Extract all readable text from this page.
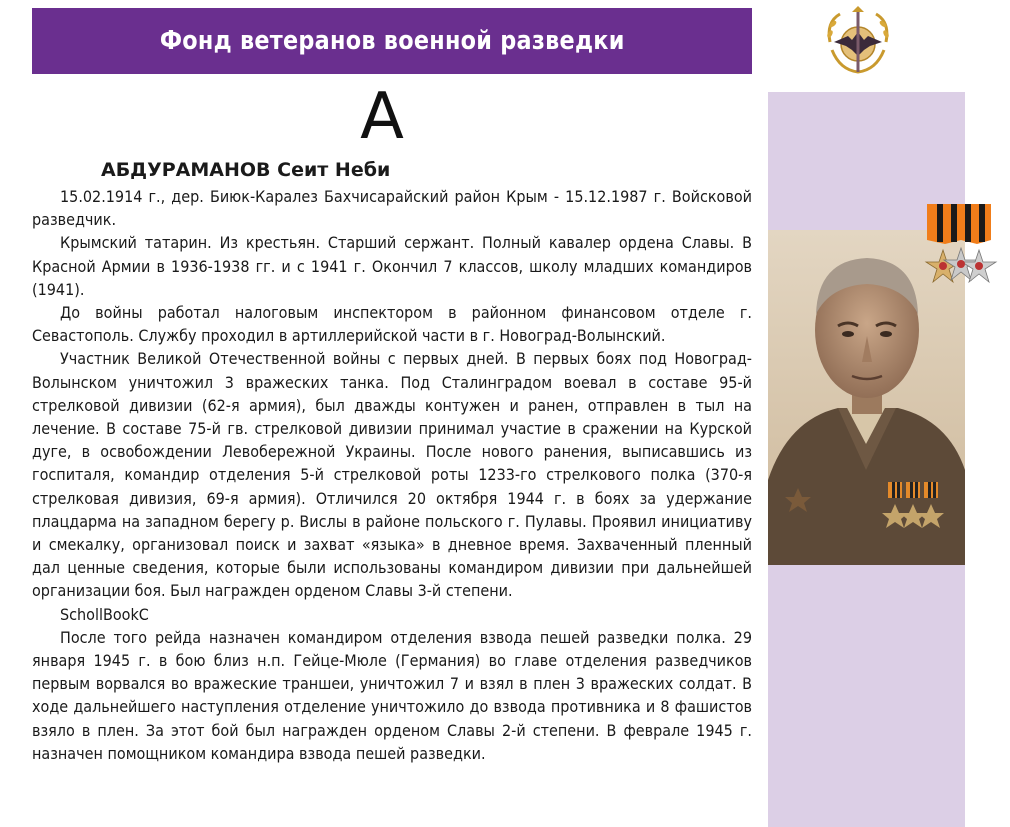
Фонд ветеранов военной разведки
А
АБДУРАМАНОВ Сеит Неби

15.02.1914 г., дер. Биюк-Каралез Бахчисарайский район Крым - 15.12.1987 г. Войсковой разведчик.

Крымский татарин. Из крестьян. Старший сержант. Полный кавалер ордена Славы. В Красной Армии в 1936-1938 гг. и с 1941 г. Окончил 7 классов, школу младших командиров (1941).

До войны работал налоговым инспектором в районном финансовом отделе г. Севастополь. Службу проходил в артиллерийской части в г. Новоград-Волынский.

Участник Великой Отечественной войны с первых дней. В первых боях под Новоград-Волынском уничтожил 3 вражеских танка. Под Сталинградом воевал в составе 95-й стрелковой дивизии (62-я армия), был дважды контужен и ранен, отправлен в тыл на лечение. В составе 75-й гв. стрелковой дивизии принимал участие в сражении на Курской дуге, в освобождении Левобережной Украины. После нового ранения, выписавшись из госпиталя, командир отделения 5-й стрелковой роты 1233-го стрелкового полка (370-я стрелковая дивизия, 69-я армия). Отличился 20 октября 1944 г. в боях за удержание плацдарма на западном берегу р. Вислы в районе польского г. Пулавы. Проявил инициативу и смекалку, организовал поиск и захват «языка» в дневное время. Захваченный пленный дал ценные сведения, которые были использованы командиром дивизии при дальнейшей организации боя. Был награжден орденом Славы 3-й степени.

SchollBookC

После того рейда назначен командиром отделения взвода пешей разведки полка. 29 января 1945 г. в бою близ н.п. Гейце-Мюле (Германия) во главе отделения разведчиков первым ворвался во вражеские траншеи, уничтожил 7 и взял в плен 3 вражеских солдат. В ходе дальнейшего наступления отделение уничтожило до взвода противника и 8 фашистов взяло в плен. За этот бой был награжден орденом Славы 2-й степени. В феврале 1945 г. назначен помощником командира взвода пешей разведки.
